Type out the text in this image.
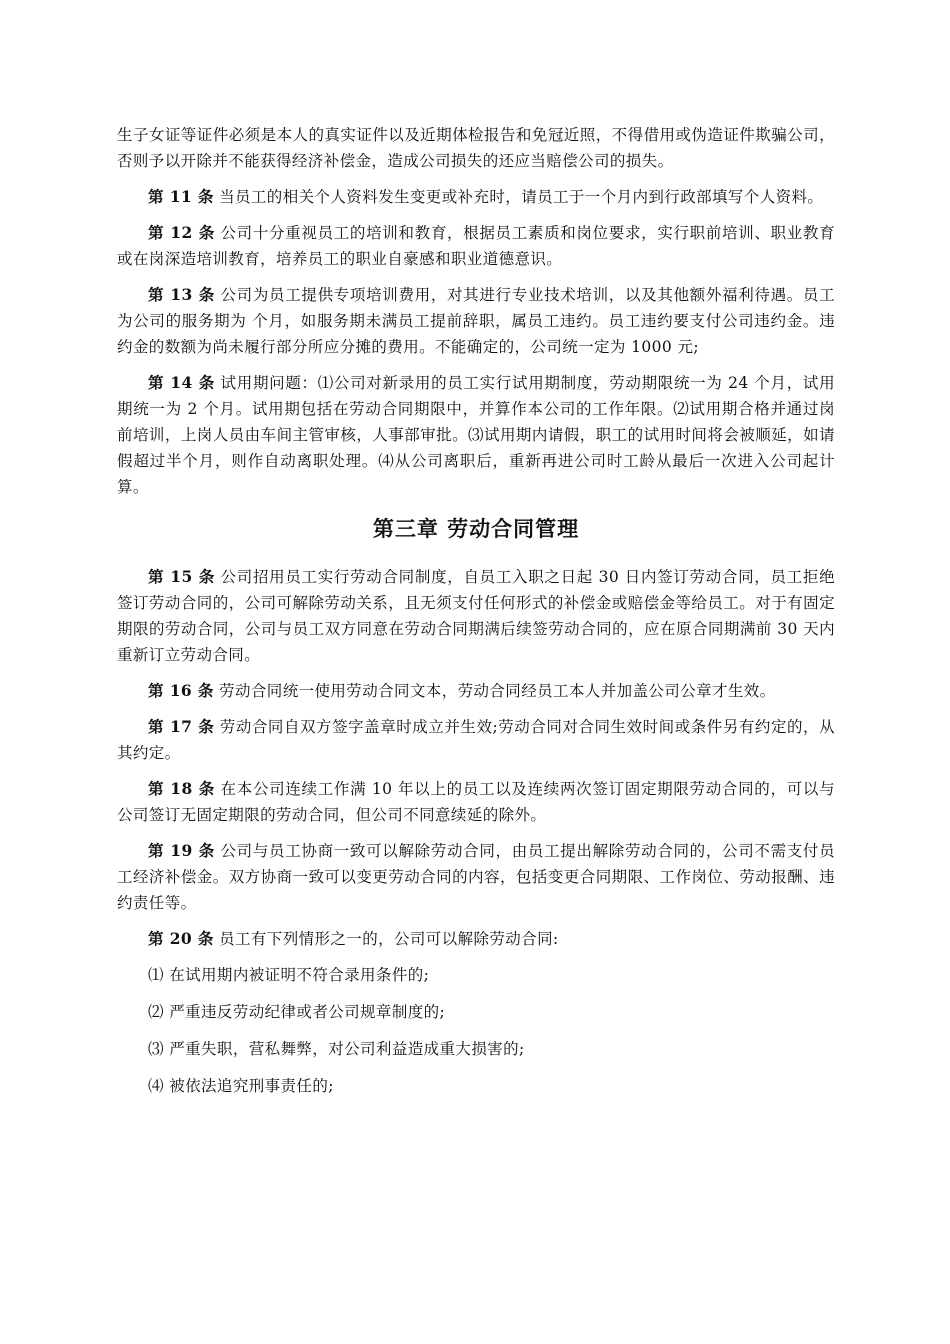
生子女证等证件必须是本人的真实证件以及近期体检报告和免冠近照，不得借用或伪造证件欺骗公司，否则予以开除并不能获得经济补偿金，造成公司损失的还应当赔偿公司的损失。

第 11 条 当员工的相关个人资料发生变更或补充时，请员工于一个月内到行政部填写个人资料。

第 12 条 公司十分重视员工的培训和教育，根据员工素质和岗位要求，实行职前培训、职业教育或在岗深造培训教育，培养员工的职业自豪感和职业道德意识。

第 13 条 公司为员工提供专项培训费用，对其进行专业技术培训，以及其他额外福利待遇。员工为公司的服务期为 个月，如服务期未满员工提前辞职，属员工违约。员工违约要支付公司违约金。违约金的数额为尚未履行部分所应分摊的费用。不能确定的，公司统一定为 1000 元;

第 14 条 试用期问题：⑴公司对新录用的员工实行试用期制度，劳动期限统一为 24 个月，试用期统一为 2 个月。试用期包括在劳动合同期限中，并算作本公司的工作年限。⑵试用期合格并通过岗前培训，上岗人员由车间主管审核，人事部审批。⑶试用期内请假，职工的试用时间将会被顺延，如请假超过半个月，则作自动离职处理。⑷从公司离职后，重新再进公司时工龄从最后一次进入公司起计算。

第三章 劳动合同管理

第 15 条 公司招用员工实行劳动合同制度，自员工入职之日起 30 日内签订劳动合同，员工拒绝签订劳动合同的，公司可解除劳动关系，且无须支付任何形式的补偿金或赔偿金等给员工。对于有固定期限的劳动合同，公司与员工双方同意在劳动合同期满后续签劳动合同的，应在原合同期满前 30 天内重新订立劳动合同。

第 16 条 劳动合同统一使用劳动合同文本，劳动合同经员工本人并加盖公司公章才生效。

第 17 条 劳动合同自双方签字盖章时成立并生效;劳动合同对合同生效时间或条件另有约定的，从其约定。

第 18 条 在本公司连续工作满 10 年以上的员工以及连续两次签订固定期限劳动合同的，可以与公司签订无固定期限的劳动合同，但公司不同意续延的除外。

第 19 条 公司与员工协商一致可以解除劳动合同，由员工提出解除劳动合同的，公司不需支付员工经济补偿金。双方协商一致可以变更劳动合同的内容，包括变更合同期限、工作岗位、劳动报酬、违约责任等。

第 20 条 员工有下列情形之一的，公司可以解除劳动合同:

⑴ 在试用期内被证明不符合录用条件的;

⑵ 严重违反劳动纪律或者公司规章制度的;

⑶ 严重失职，营私舞弊，对公司利益造成重大损害的;

⑷ 被依法追究刑事责任的;
